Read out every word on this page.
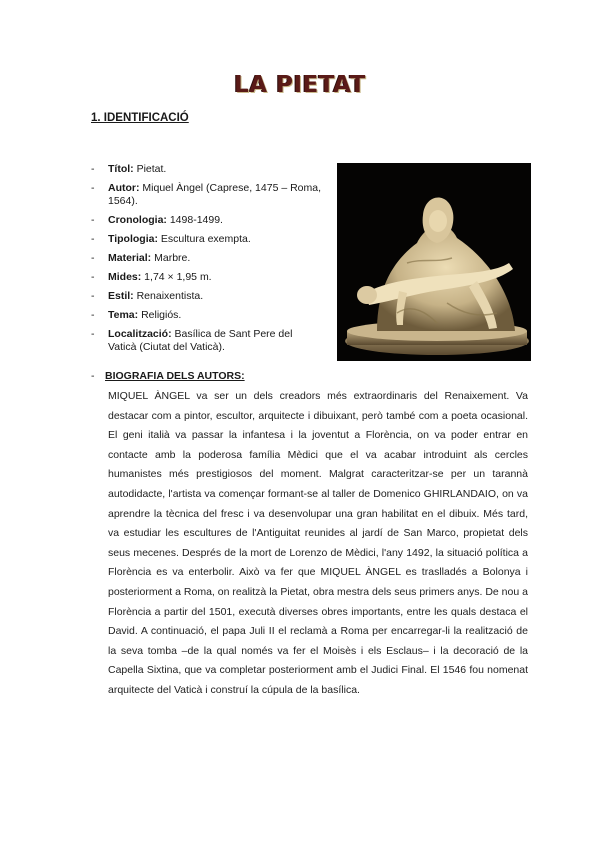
LA PIETAT
1. IDENTIFICACIÓ
- Títol: Pietat.
- Autor: Miquel Àngel (Caprese, 1475 – Roma, 1564).
- Cronologia: 1498-1499.
- Tipologia: Escultura exempta.
- Material: Marbre.
- Mides: 1,74 × 1,95 m.
- Estil: Renaixentista.
- Tema: Religiós.
- Localització: Basílica de Sant Pere del Vaticà (Ciutat del Vaticà).
-	BIOGRAFIA DELS AUTORS:

MIQUEL ÀNGEL va ser un dels creadors més extraordinaris del Renaixement. Va destacar com a pintor, escultor, arquitecte i dibuixant, però també com a poeta ocasional. El geni italià va passar la infantesa i la joventut a Florència, on va poder entrar en contacte amb la poderosa família Mèdici que el va acabar introduint als cercles humanistes més prestigiosos del moment. Malgrat caracteritzar-se per un tarannà autodidacte, l'artista va començar formant-se al taller de Domenico GHIRLANDAIO, on va aprendre la tècnica del fresc i va desenvolupar una gran habilitat en el dibuix. Més tard, va estudiar les escultures de l'Antiguitat reunides al jardí de San Marco, propietat dels seus mecenes. Després de la mort de Lorenzo de Mèdici, l'any 1492, la situació política a Florència es va enterbolir. Això va fer que MIQUEL ÀNGEL es traslladés a Bolonya i posteriorment a Roma, on realitzà la Pietat, obra mestra dels seus primers anys. De nou a Florència a partir del 1501, executà diverses obres importants, entre les quals destaca el David. A continuació, el papa Juli II el reclamà a Roma per encarregar-li la realització de la seva tomba –de la qual només va fer el Moisès i els Esclaus– i la decoració de la Capella Sixtina, que va completar posteriorment amb el Judici Final. El 1546 fou nomenat arquitecte del Vaticà i construí la cúpula de la basílica.
